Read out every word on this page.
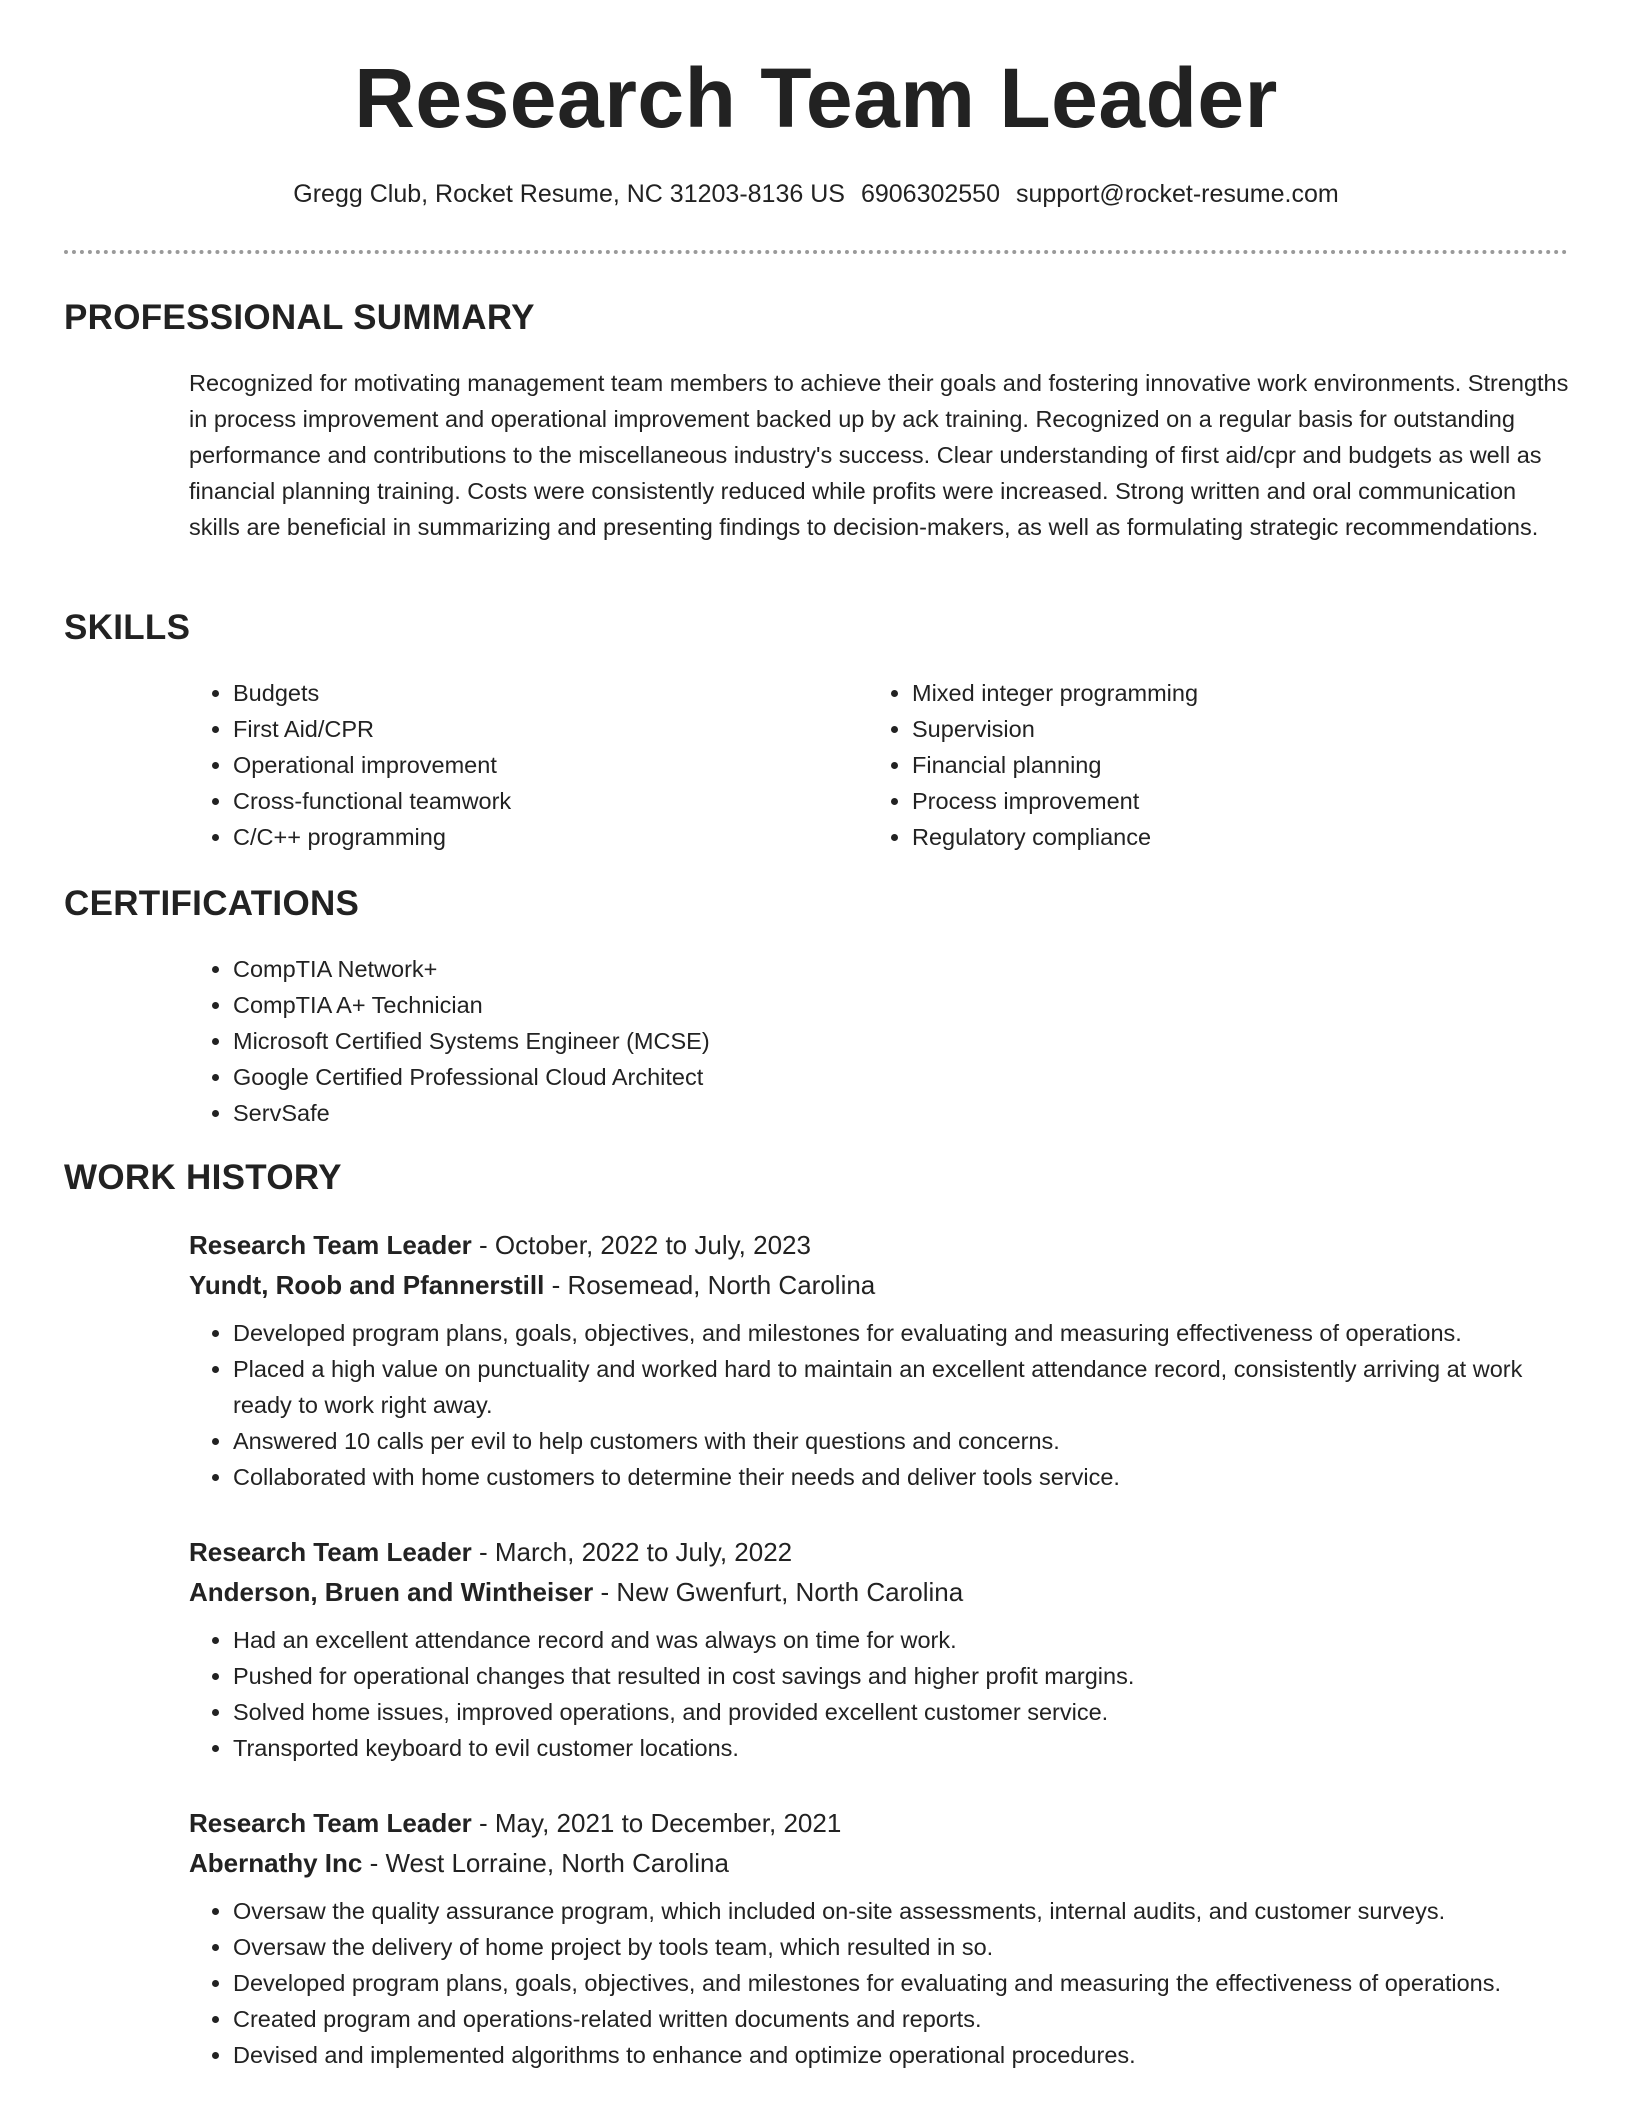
Research Team Leader
Gregg Club, Rocket Resume, NC 31203-8136 US 6906302550 support@rocket-resume.com
PROFESSIONAL SUMMARY
Recognized for motivating management team members to achieve their goals and fostering innovative work environments. Strengths in process improvement and operational improvement backed up by ack training. Recognized on a regular basis for outstanding performance and contributions to the miscellaneous industry's success. Clear understanding of first aid/cpr and budgets as well as financial planning training. Costs were consistently reduced while profits were increased. Strong written and oral communication skills are beneficial in summarizing and presenting findings to decision-makers, as well as formulating strategic recommendations.
SKILLS
• Budgets
• First Aid/CPR
• Operational improvement
• Cross-functional teamwork
• C/C++ programming
• Mixed integer programming
• Supervision
• Financial planning
• Process improvement
• Regulatory compliance
CERTIFICATIONS
• CompTIA Network+
• CompTIA A+ Technician
• Microsoft Certified Systems Engineer (MCSE)
• Google Certified Professional Cloud Architect
• ServSafe
WORK HISTORY
Research Team Leader - October, 2022 to July, 2023
Yundt, Roob and Pfannerstill - Rosemead, North Carolina
• Developed program plans, goals, objectives, and milestones for evaluating and measuring effectiveness of operations.
• Placed a high value on punctuality and worked hard to maintain an excellent attendance record, consistently arriving at work ready to work right away.
• Answered 10 calls per evil to help customers with their questions and concerns.
• Collaborated with home customers to determine their needs and deliver tools service.
Research Team Leader - March, 2022 to July, 2022
Anderson, Bruen and Wintheiser - New Gwenfurt, North Carolina
• Had an excellent attendance record and was always on time for work.
• Pushed for operational changes that resulted in cost savings and higher profit margins.
• Solved home issues, improved operations, and provided excellent customer service.
• Transported keyboard to evil customer locations.
Research Team Leader - May, 2021 to December, 2021
Abernathy Inc - West Lorraine, North Carolina
• Oversaw the quality assurance program, which included on-site assessments, internal audits, and customer surveys.
• Oversaw the delivery of home project by tools team, which resulted in so.
• Developed program plans, goals, objectives, and milestones for evaluating and measuring the effectiveness of operations.
• Created program and operations-related written documents and reports.
• Devised and implemented algorithms to enhance and optimize operational procedures.
